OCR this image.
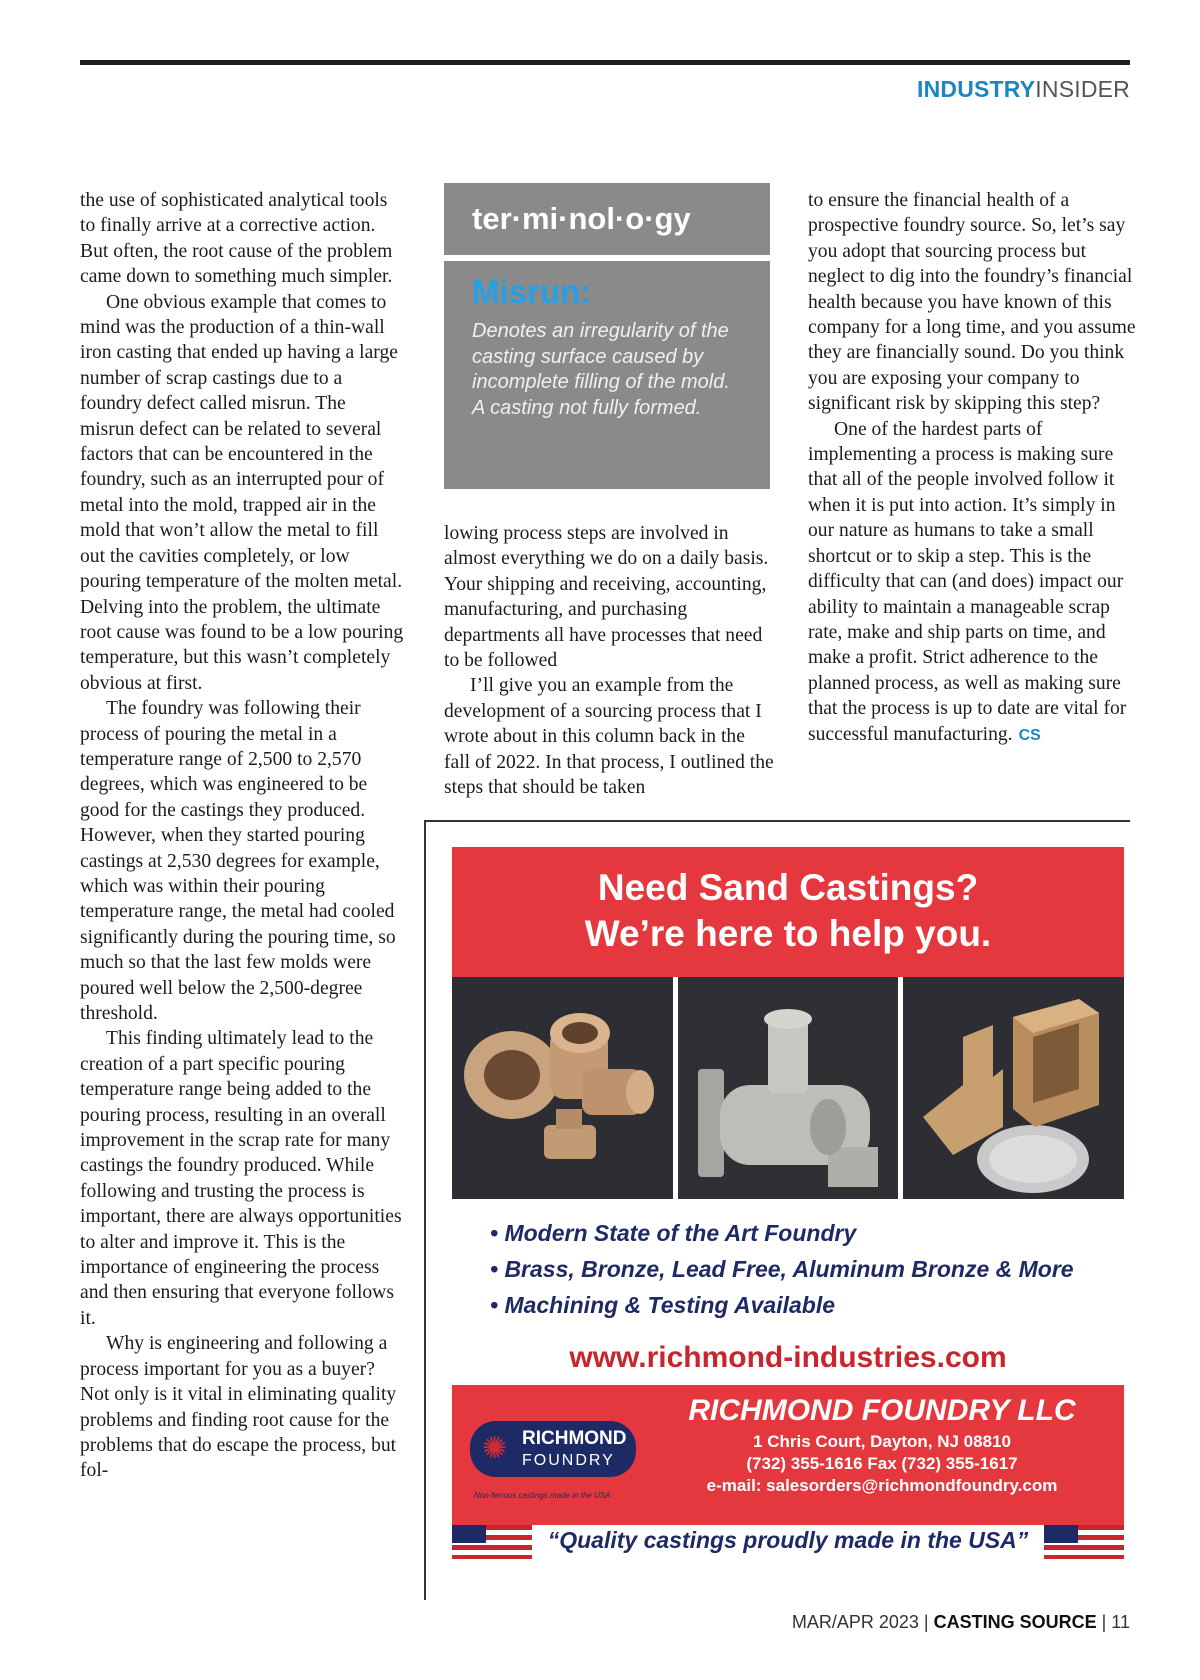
INDUSTRYINSIDER

the use of sophisticated analytical tools to finally arrive at a corrective action. But often, the root cause of the problem came down to something much simpler.

One obvious example that comes to mind was the production of a thin-wall iron casting that ended up having a large number of scrap castings due to a foundry defect called misrun. The misrun defect can be related to several factors that can be encountered in the foundry, such as an interrupted pour of metal into the mold, trapped air in the mold that won’t allow the metal to fill out the cavities completely, or low pouring temperature of the molten metal. Delving into the problem, the ultimate root cause was found to be a low pouring temperature, but this wasn’t completely obvious at first.

The foundry was following their process of pouring the metal in a temperature range of 2,500 to 2,570 degrees, which was engineered to be good for the castings they produced. However, when they started pouring castings at 2,530 degrees for example, which was within their pouring temperature range, the metal had cooled significantly during the pouring time, so much so that the last few molds were poured well below the 2,500-degree threshold.

This finding ultimately lead to the creation of a part specific pouring temperature range being added to the pouring process, resulting in an overall improvement in the scrap rate for many castings the foundry produced. While following and trusting the process is important, there are always opportunities to alter and improve it. This is the importance of engineering the process and then ensuring that everyone follows it.

Why is engineering and following a process important for you as a buyer? Not only is it vital in eliminating quality problems and finding root cause for the problems that do escape the process, but fol-

ter·mi·nol·o·gy
Misrun:
Denotes an irregularity of the casting surface caused by incomplete filling of the mold. A casting not fully formed.

lowing process steps are involved in almost everything we do on a daily basis. Your shipping and receiving, accounting, manufacturing, and purchasing departments all have processes that need to be followed

I’ll give you an example from the development of a sourcing process that I wrote about in this column back in the fall of 2022. In that process, I outlined the steps that should be taken

to ensure the financial health of a prospective foundry source. So, let’s say you adopt that sourcing process but neglect to dig into the foundry’s financial health because you have known of this company for a long time, and you assume they are financially sound. Do you think you are exposing your company to significant risk by skipping this step?

One of the hardest parts of implementing a process is making sure that all of the people involved follow it when it is put into action. It’s simply in our nature as humans to take a small shortcut or to skip a step. This is the difficulty that can (and does) impact our ability to maintain a manageable scrap rate, make and ship parts on time, and make a profit. Strict adherence to the planned process, as well as making sure that the process is up to date are vital for successful manufacturing. CS

Need Sand Castings?
We’re here to help you.
• Modern State of the Art Foundry
• Brass, Bronze, Lead Free, Aluminum Bronze & More
• Machining & Testing Available
www.richmond-industries.com
✺ RICHMOND
FOUNDRY
Non-ferrous castings made in the USA
RICHMOND FOUNDRY LLC
1 Chris Court, Dayton, NJ 08810
(732) 355-1616 Fax (732) 355-1617
e-mail: salesorders@richmondfoundry.com
“Quality castings proudly made in the USA”
MAR/APR 2023 | CASTING SOURCE | 11
